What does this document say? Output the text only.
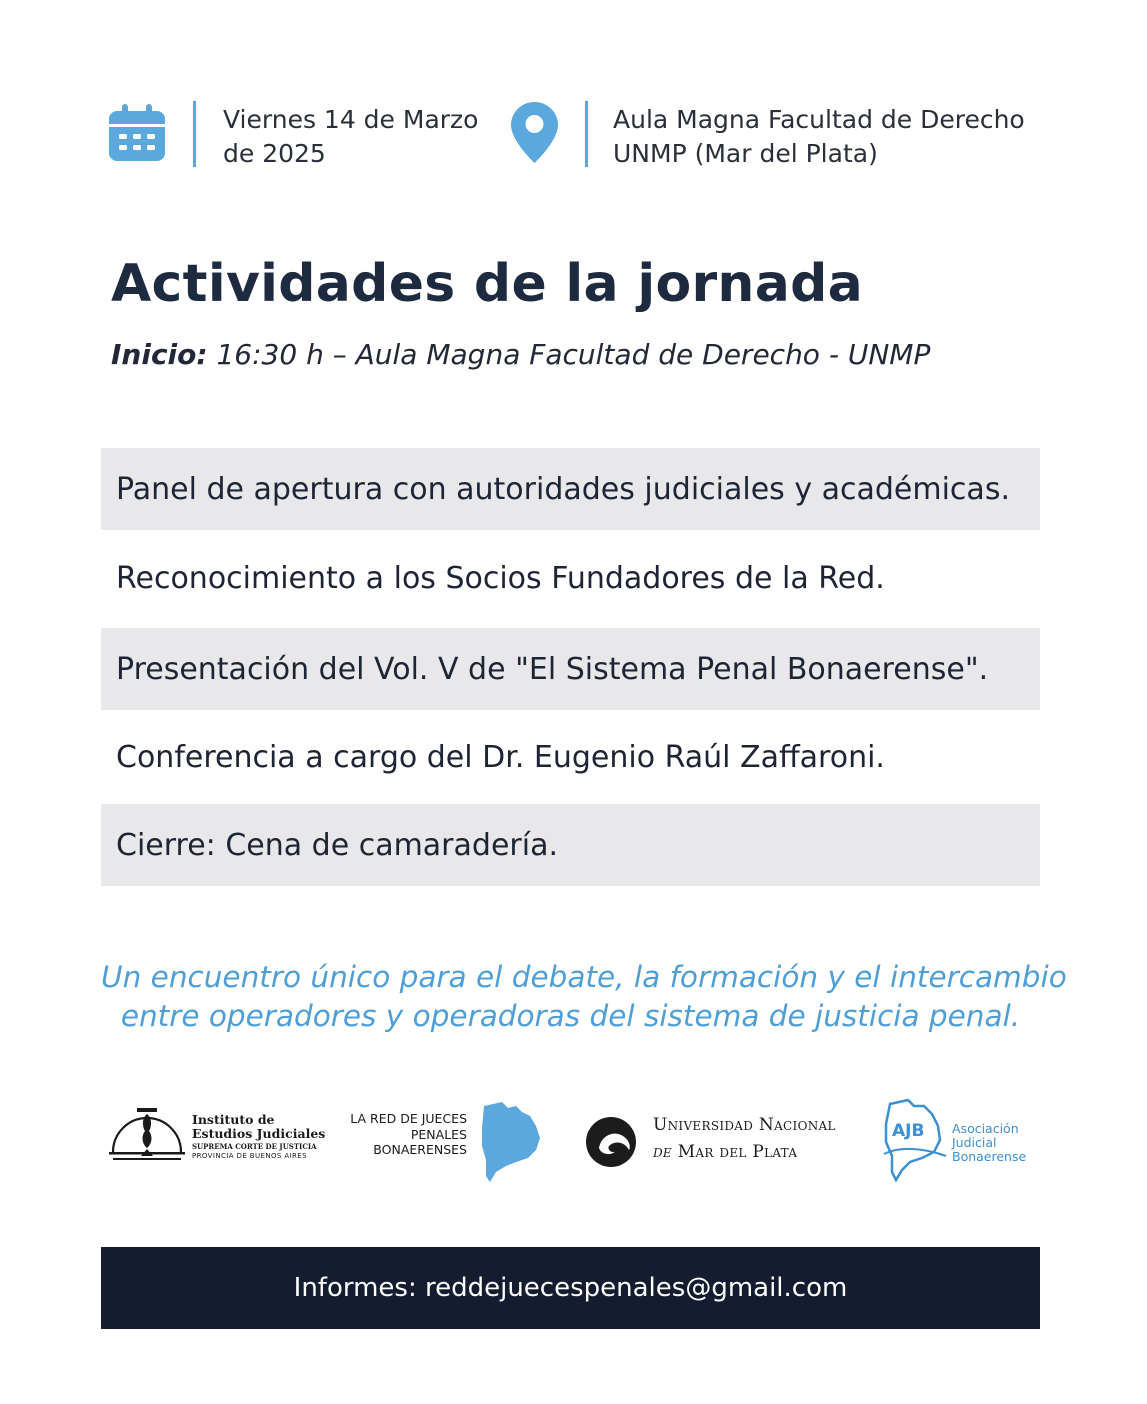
Viernes 14 de Marzo
de 2025
Aula Magna Facultad de Derecho
UNMP (Mar del Plata)
Actividades de la jornada
Inicio: 16:30 h – Aula Magna Facultad de Derecho - UNMP
Panel de apertura con autoridades judiciales y académicas.
Reconocimiento a los Socios Fundadores de la Red.
Presentación del Vol. V de "El Sistema Penal Bonaerense".
Conferencia a cargo del Dr. Eugenio Raúl Zaffaroni.
Cierre: Cena de camaradería.
Un encuentro único para el debate, la formación y el intercambio
entre operadores y operadoras del sistema de justicia penal.
Instituto de
Estudios Judiciales
SUPREMA CORTE DE JUSTICIA
PROVINCIA DE BUENOS AIRES
LA RED DE JUECES
PENALES
BONAERENSES
Universidad Nacional
de Mar del Plata
AJB Asociación
Judicial
Bonaerense
Informes: reddejuecespenales@gmail.com
